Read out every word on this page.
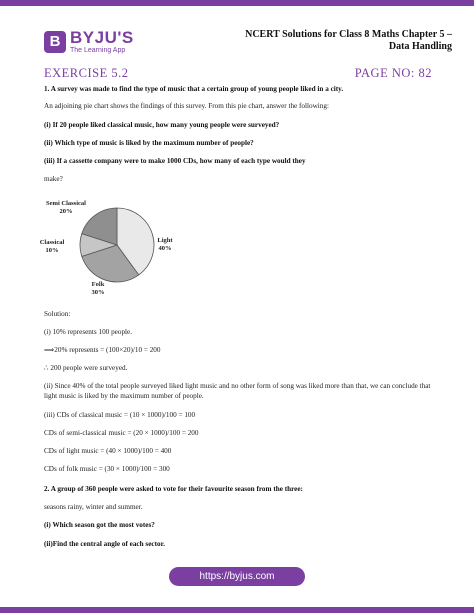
B BYJU'S
The Learning App
NCERT Solutions for Class 8 Maths Chapter 5 –
Data Handling
EXERCISE 5.2	PAGE NO: 82
1. A survey was made to find the type of music that a certain group of young people liked in a city.
An adjoining pie chart shows the findings of this survey. From this pie chart, answer the following:
(i) If 20 people liked classical music, how many young people were surveyed?
(ii) Which type of music is liked by the maximum number of people?
(iii) If a cassette company were to make 1000 CDs, how many of each type would they
make?
Light
40%
Folk
30%
Classical
10%
Semi Classical
20%
Solution:
(i) 10% represents 100 people.
⟹20% represents = (100×20)/10 = 200
∴ 200 people were surveyed.
(ii) Since 40% of the total people surveyed liked light music and no other form of song was liked more than that, we can conclude that light music is liked by the maximum number of people.
(iii) CDs of classical music = (10 × 1000)/100 = 100
CDs of semi-classical music = (20 × 1000)/100 = 200
CDs of light music = (40 × 1000)/100 = 400
CDs of folk music = (30 × 1000)/100 = 300
2. A group of 360 people were asked to vote for their favourite season from the three:
seasons rainy, winter and summer.
(i) Which season got the most votes?
(ii)Find the central angle of each sector.
https://byjus.com
